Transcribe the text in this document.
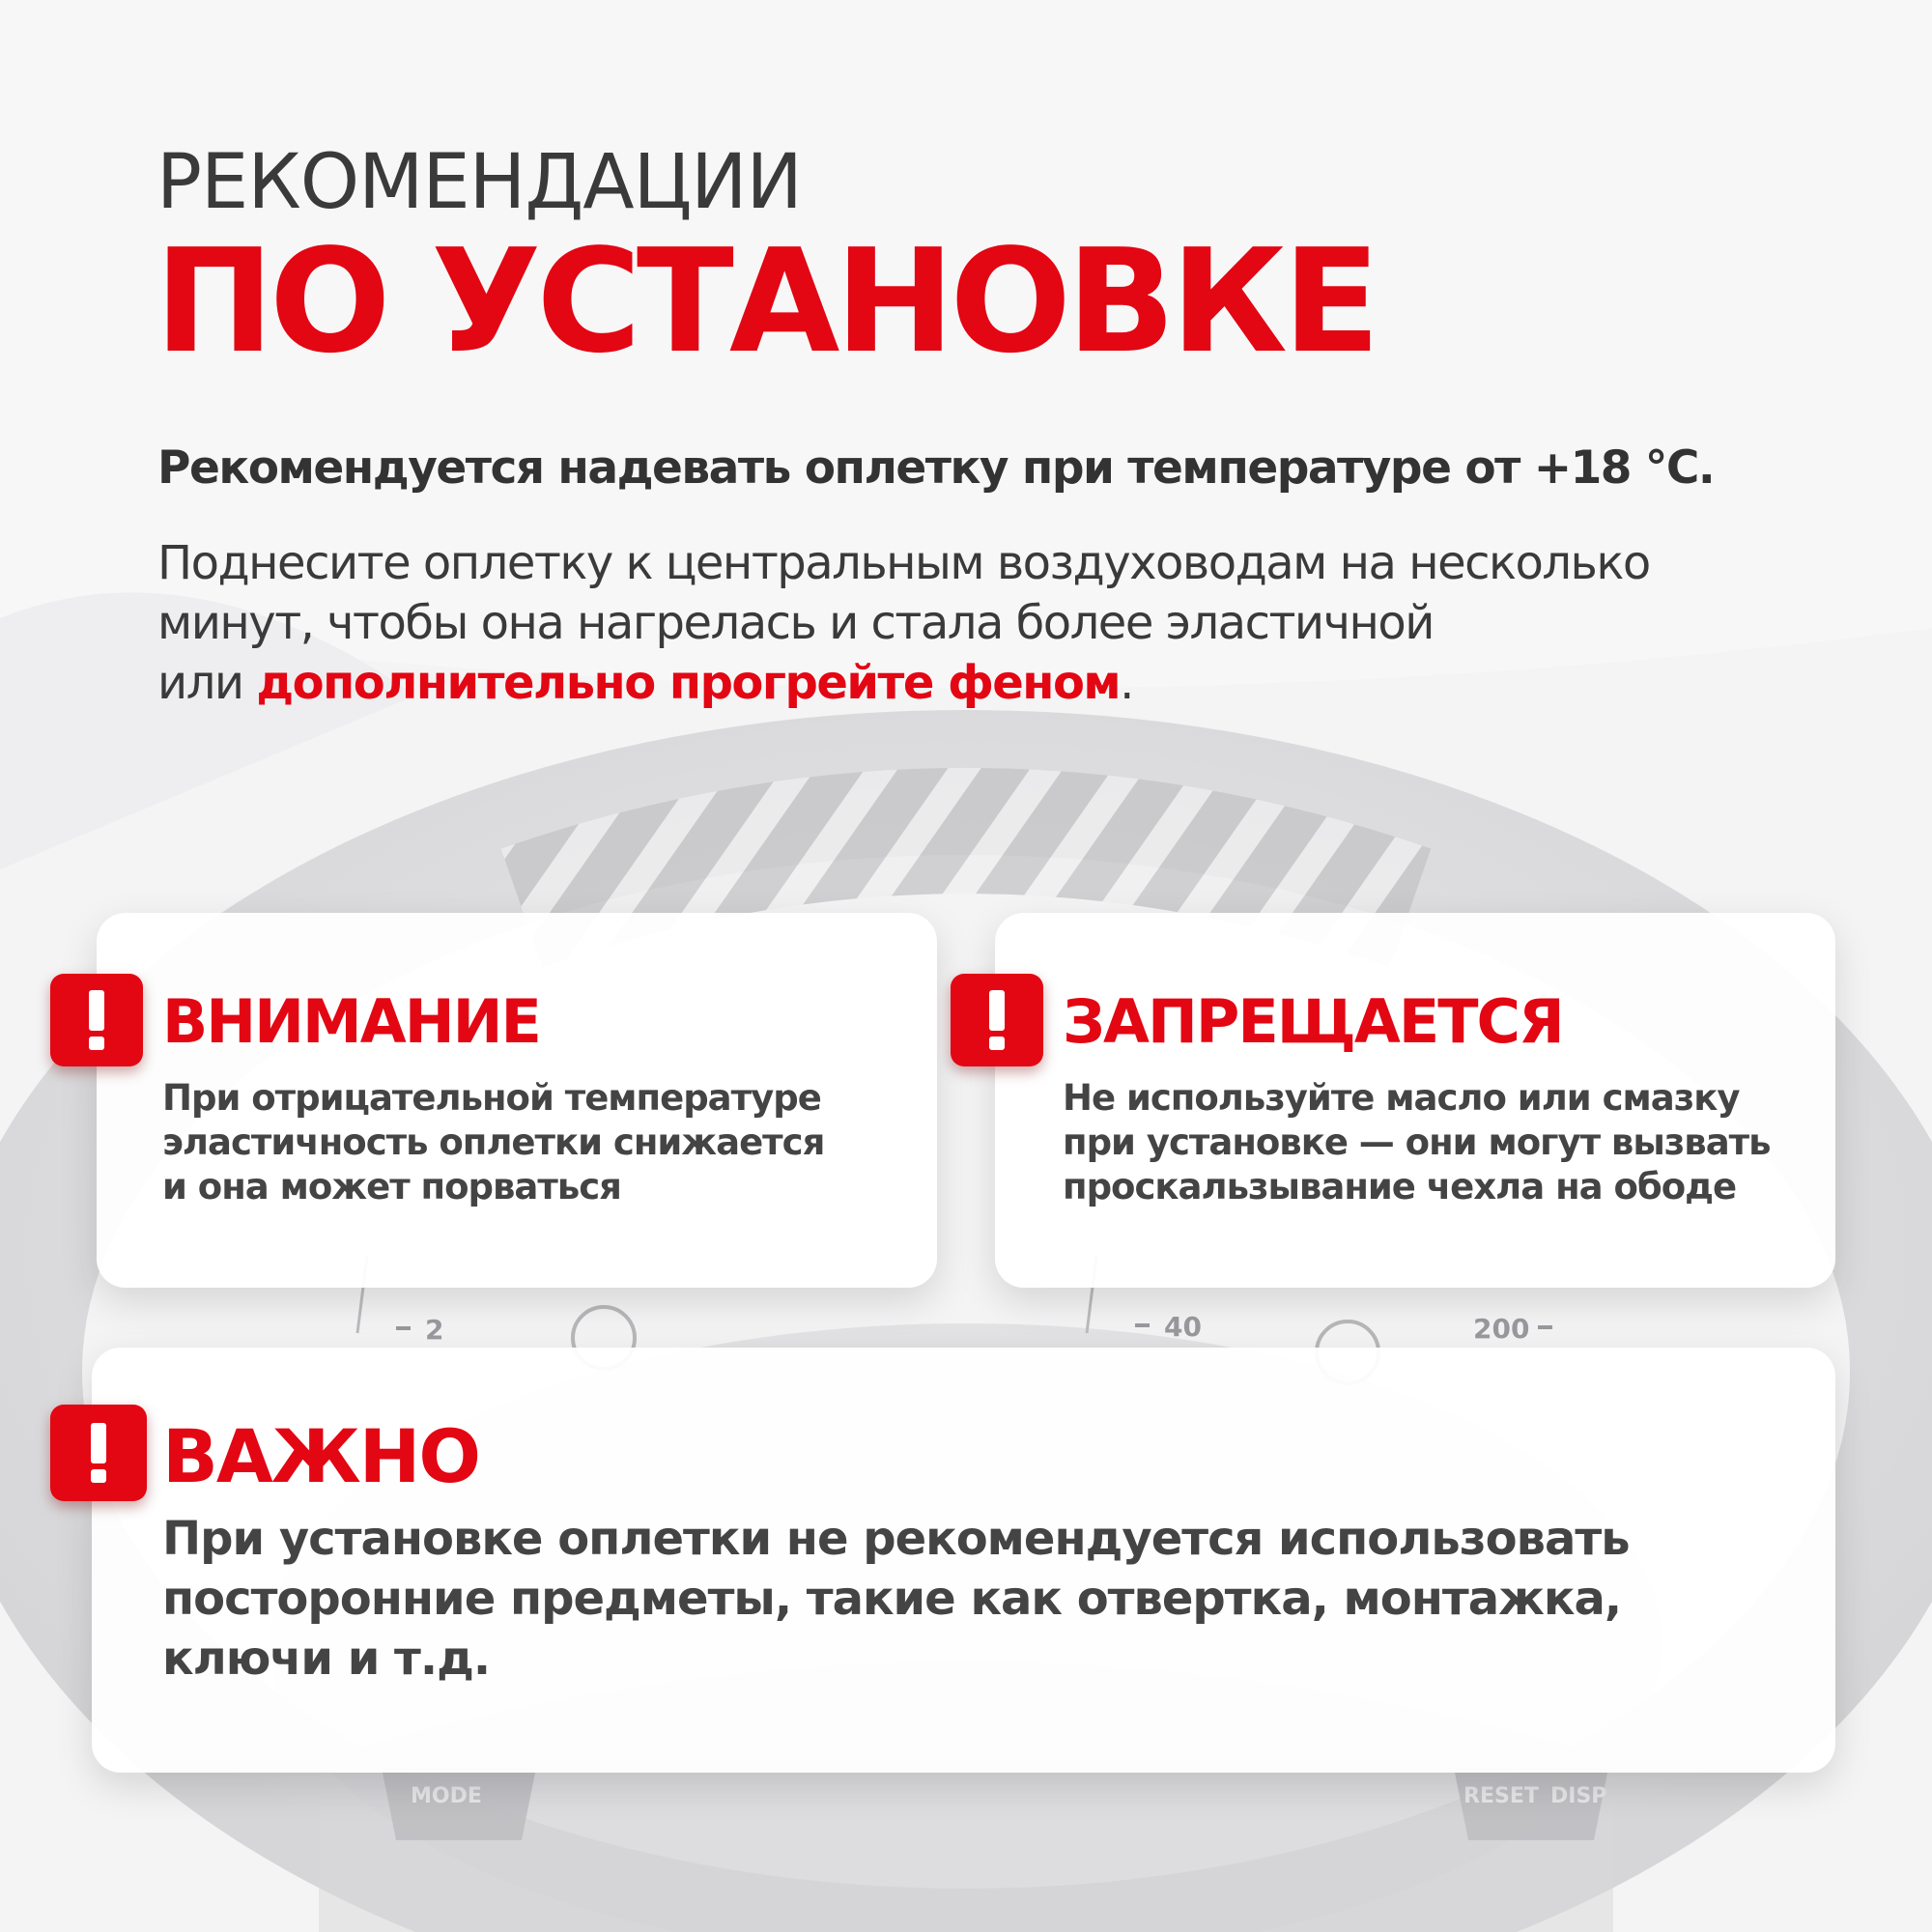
2	40	200
MODE	RESET DISP
РЕКОМЕНДАЦИИ
ПО УСТАНОВКЕ
Рекомендуется надевать оплетку при температуре от +18 °С.
Поднесите оплетку к центральным воздуховодам на несколько
минут, чтобы она нагрелась и стала более эластичной
или дополнительно прогрейте феном.
ВНИМАНИЕ
При отрицательной температуре
эластичность оплетки снижается
и она может порваться
ЗАПРЕЩАЕТСЯ
Не используйте масло или смазку
при установке — они могут вызвать
проскальзывание чехла на ободе
ВАЖНО
При установке оплетки не рекомендуется использовать
посторонние предметы, такие как отвертка, монтажка,
ключи и т.д.
